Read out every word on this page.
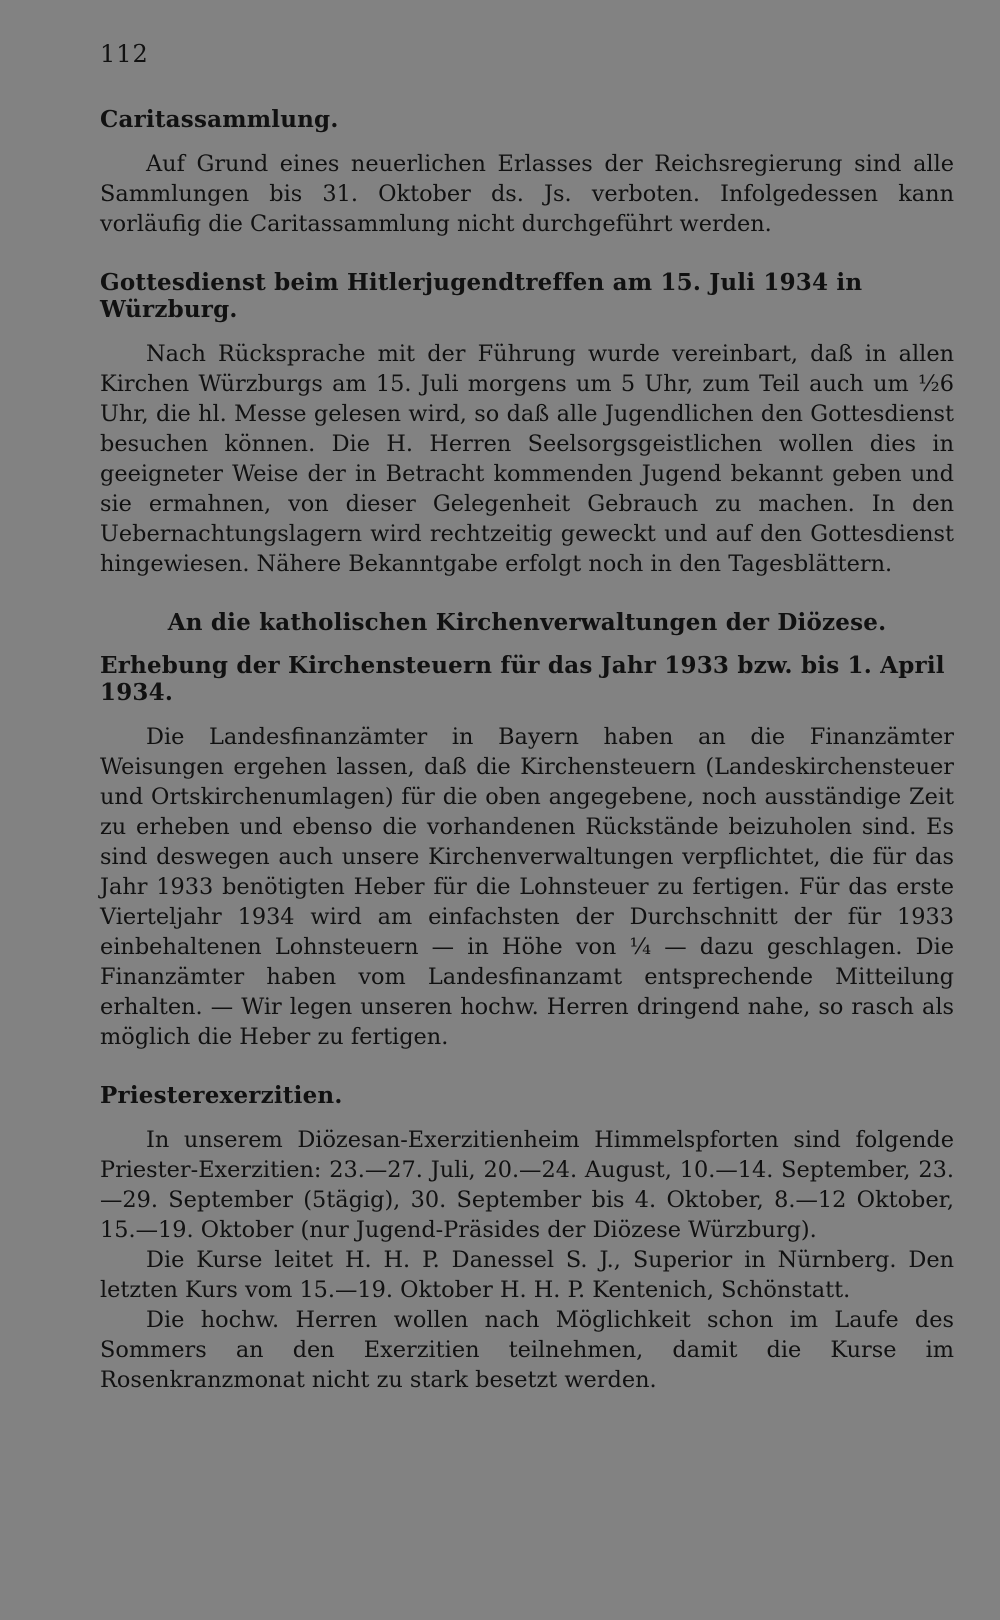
112
Caritassammlung.

Auf Grund eines neuerlichen Erlasses der Reichsregierung sind alle Sammlungen bis 31. Oktober ds. Js. verboten. Infolgedessen kann vorläufig die Caritassammlung nicht durchgeführt werden.

Gottesdienst beim Hitlerjugendtreffen am 15. Juli 1934 in Würzburg.

Nach Rücksprache mit der Führung wurde vereinbart, daß in allen Kirchen Würzburgs am 15. Juli morgens um 5 Uhr, zum Teil auch um ½6 Uhr, die hl. Messe gelesen wird, so daß alle Jugendlichen den Gottesdienst besuchen können. Die H. Herren Seelsorgsgeistlichen wollen dies in geeigneter Weise der in Betracht kommenden Jugend bekannt geben und sie ermahnen, von dieser Gelegenheit Gebrauch zu machen. In den Uebernachtungslagern wird rechtzeitig geweckt und auf den Gottesdienst hingewiesen. Nähere Bekanntgabe erfolgt noch in den Tagesblättern.

An die katholischen Kirchenverwaltungen der Diözese.
Erhebung der Kirchensteuern für das Jahr 1933 bzw. bis 1. April 1934.

Die Landesfinanzämter in Bayern haben an die Finanzämter Weisungen ergehen lassen, daß die Kirchensteuern (Landeskirchensteuer und Ortskirchenumlagen) für die oben angegebene, noch ausständige Zeit zu erheben und ebenso die vorhandenen Rückstände beizuholen sind. Es sind deswegen auch unsere Kirchenverwaltungen verpflichtet, die für das Jahr 1933 benötigten Heber für die Lohnsteuer zu fertigen. Für das erste Vierteljahr 1934 wird am einfachsten der Durchschnitt der für 1933 einbehaltenen Lohnsteuern — in Höhe von ¼ — dazu geschlagen. Die Finanzämter haben vom Landesfinanzamt entsprechende Mitteilung erhalten. — Wir legen unseren hochw. Herren dringend nahe, so rasch als möglich die Heber zu fertigen.

Priesterexerzitien.

In unserem Diözesan-Exerzitienheim Himmelspforten sind folgende Priester-Exerzitien: 23.—27. Juli, 20.—24. August, 10.—14. September, 23.—29. September (5tägig), 30. September bis 4. Oktober, 8.—12 Oktober, 15.—19. Oktober (nur Jugend-Präsides der Diözese Würzburg).

Die Kurse leitet H. H. P. Danessel S. J., Superior in Nürnberg. Den letzten Kurs vom 15.—19. Oktober H. H. P. Kentenich, Schönstatt.

Die hochw. Herren wollen nach Möglichkeit schon im Laufe des Sommers an den Exerzitien teilnehmen, damit die Kurse im Rosenkranzmonat nicht zu stark besetzt werden.
